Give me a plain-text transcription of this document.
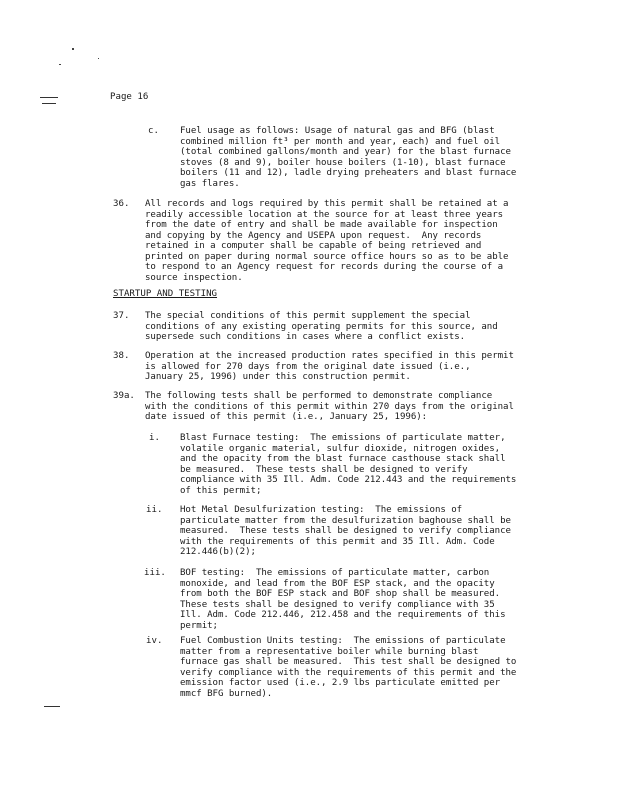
Page 16
c. Fuel usage as follows: Usage of natural gas and BFG (blast
combined million ft³ per month and year, each) and fuel oil
(total combined gallons/month and year) for the blast furnace
stoves (8 and 9), boiler house boilers (1-10), blast furnace
boilers (11 and 12), ladle drying preheaters and blast furnace
gas flares.
36. All records and logs required by this permit shall be retained at a
readily accessible location at the source for at least three years
from the date of entry and shall be made available for inspection
and copying by the Agency and USEPA upon request.  Any records
retained in a computer shall be capable of being retrieved and
printed on paper during normal source office hours so as to be able
to respond to an Agency request for records during the course of a
source inspection.
STARTUP AND TESTING
37. The special conditions of this permit supplement the special
conditions of any existing operating permits for this source, and
supersede such conditions in cases where a conflict exists.
38. Operation at the increased production rates specified in this permit
is allowed for 270 days from the original date issued (i.e.,
January 25, 1996) under this construction permit.
39a. The following tests shall be performed to demonstrate compliance
with the conditions of this permit within 270 days from the original
date issued of this permit (i.e., January 25, 1996):
i. Blast Furnace testing:  The emissions of particulate matter,
volatile organic material, sulfur dioxide, nitrogen oxides,
and the opacity from the blast furnace casthouse stack shall
be measured.  These tests shall be designed to verify
compliance with 35 Ill. Adm. Code 212.443 and the requirements
of this permit;
ii. Hot Metal Desulfurization testing:  The emissions of
particulate matter from the desulfurization baghouse shall be
measured.  These tests shall be designed to verify compliance
with the requirements of this permit and 35 Ill. Adm. Code
212.446(b)(2);
iii. BOF testing:  The emissions of particulate matter, carbon
monoxide, and lead from the BOF ESP stack, and the opacity
from both the BOF ESP stack and BOF shop shall be measured.
These tests shall be designed to verify compliance with 35
Ill. Adm. Code 212.446, 212.458 and the requirements of this
permit;
iv. Fuel Combustion Units testing:  The emissions of particulate
matter from a representative boiler while burning blast
furnace gas shall be measured.  This test shall be designed to
verify compliance with the requirements of this permit and the
emission factor used (i.e., 2.9 lbs particulate emitted per
mmcf BFG burned).
